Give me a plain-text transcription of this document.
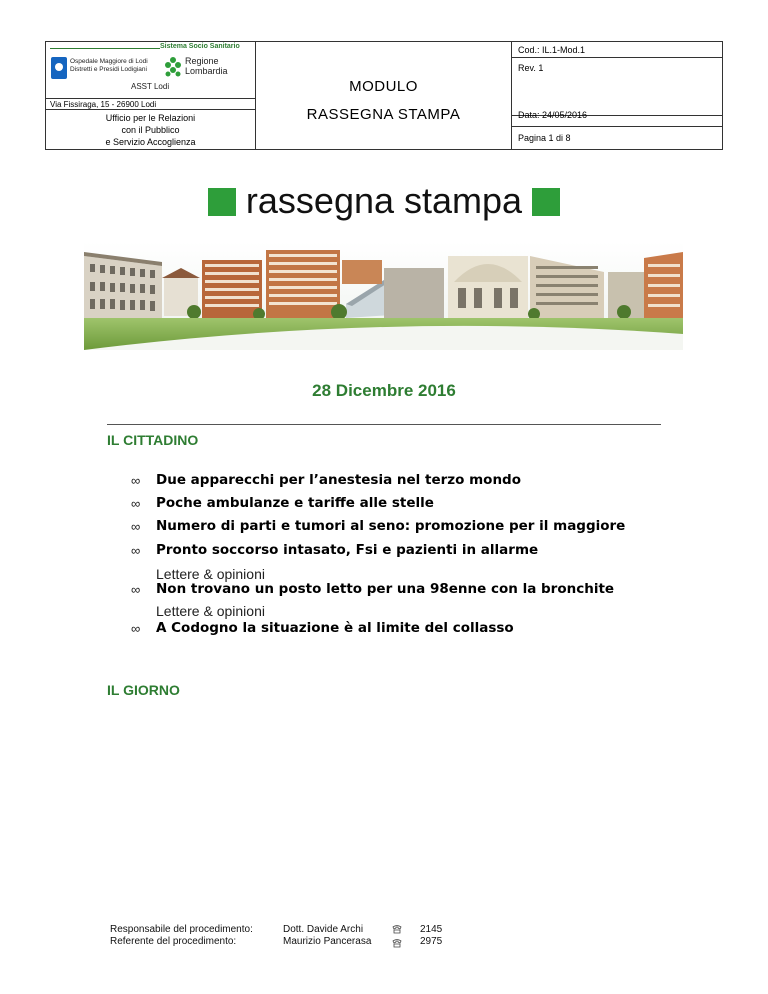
Sistema Socio Sanitario
Ospedale Maggiore di Lodi
Distretti e Presidi Lodigiani
Regione
Lombardia
ASST Lodi
Via Fissiraga, 15 - 26900 Lodi
Ufficio per le Relazioni
con il Pubblico
e Servizio Accoglienza
MODULO
RASSEGNA STAMPA
Cod.: IL.1-Mod.1
Rev. 1
Data: 24/05/2016
Pagina 1 di 8
rassegna stampa
28 Dicembre 2016
IL CITTADINO
∞ Due apparecchi per l’anestesia nel terzo mondo
∞ Poche ambulanze e tariffe alle stelle
∞ Numero di parti e tumori al seno: promozione per il maggiore
∞ Pronto soccorso intasato, Fsi e pazienti in allarme
Lettere & opinioni
∞ Non trovano un posto letto per una 98enne con la bronchite
Lettere & opinioni
∞ A Codogno la situazione è al limite del collasso
IL GIORNO
Responsabile del procedimento:
Referente del procedimento:
Dott. Davide Archi
Maurizio Pancerasa
2145
2975
